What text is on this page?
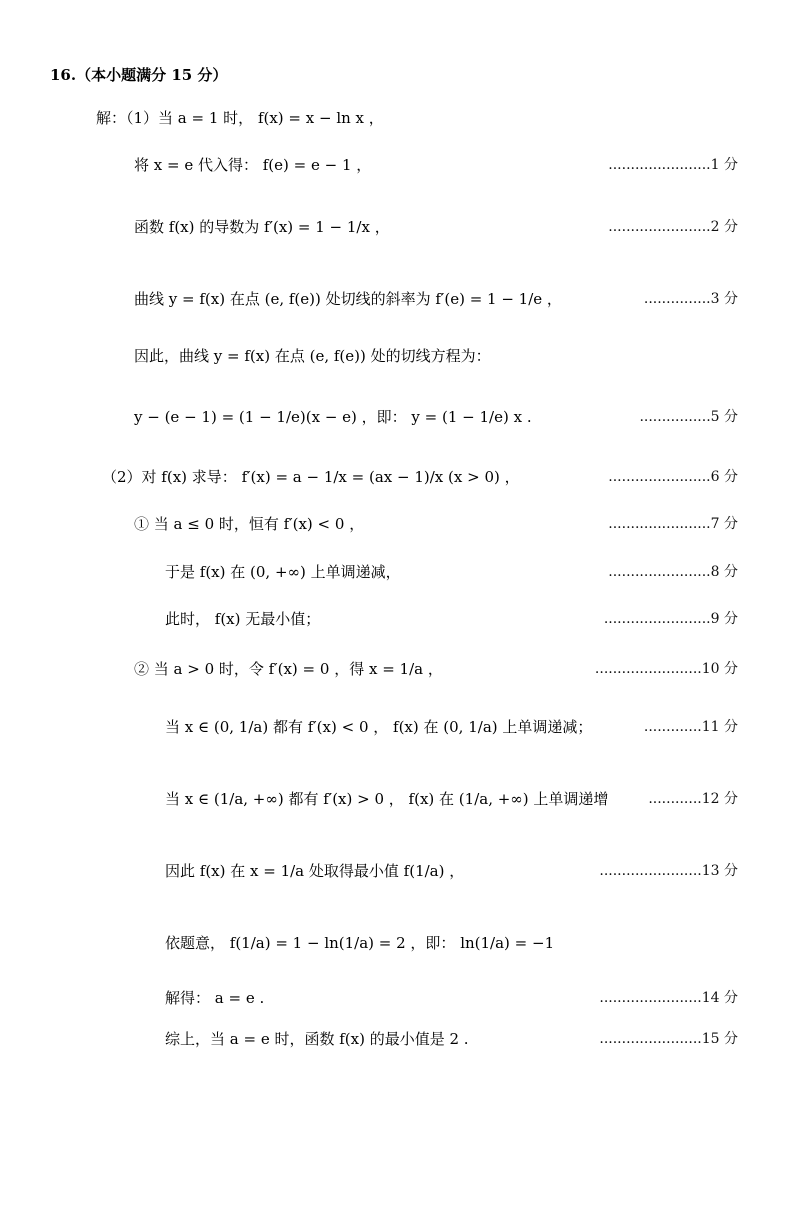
16.（本小题满分 15 分）
解：（1）当 a = 1 时， f(x) = x − ln x ，
将 x = e 代入得： f(e) = e − 1 ，	.......................1 分
函数 f(x) 的导数为 f′(x) = 1 − 1/x ，	.......................2 分
曲线 y = f(x) 在点 (e, f(e)) 处切线的斜率为 f′(e) = 1 − 1/e ，	...............3 分
因此，曲线 y = f(x) 在点 (e, f(e)) 处的切线方程为：
y − (e − 1) = (1 − 1/e)(x − e) ，即： y = (1 − 1/e) x .	................5 分
（2）对 f(x) 求导： f′(x) = a − 1/x = (ax − 1)/x (x > 0) ，	.......................6 分
① 当 a ≤ 0 时，恒有 f′(x) < 0 ，	.......................7 分
于是 f(x) 在 (0, +∞) 上单调递减，	.......................8 分
此时， f(x) 无最小值；	........................9 分
② 当 a > 0 时，令 f′(x) = 0 ，得 x = 1/a ，	........................10 分
当 x ∈ (0, 1/a) 都有 f′(x) < 0 ， f(x) 在 (0, 1/a) 上单调递减；	.............11 分
当 x ∈ (1/a, +∞) 都有 f′(x) > 0 ， f(x) 在 (1/a, +∞) 上单调递增	............12 分
因此 f(x) 在 x = 1/a 处取得最小值 f(1/a) ，	.......................13 分
依题意， f(1/a) = 1 − ln(1/a) = 2 ，即： ln(1/a) = −1
解得： a = e .	.......................14 分
综上，当 a = e 时，函数 f(x) 的最小值是 2 .	.......................15 分
